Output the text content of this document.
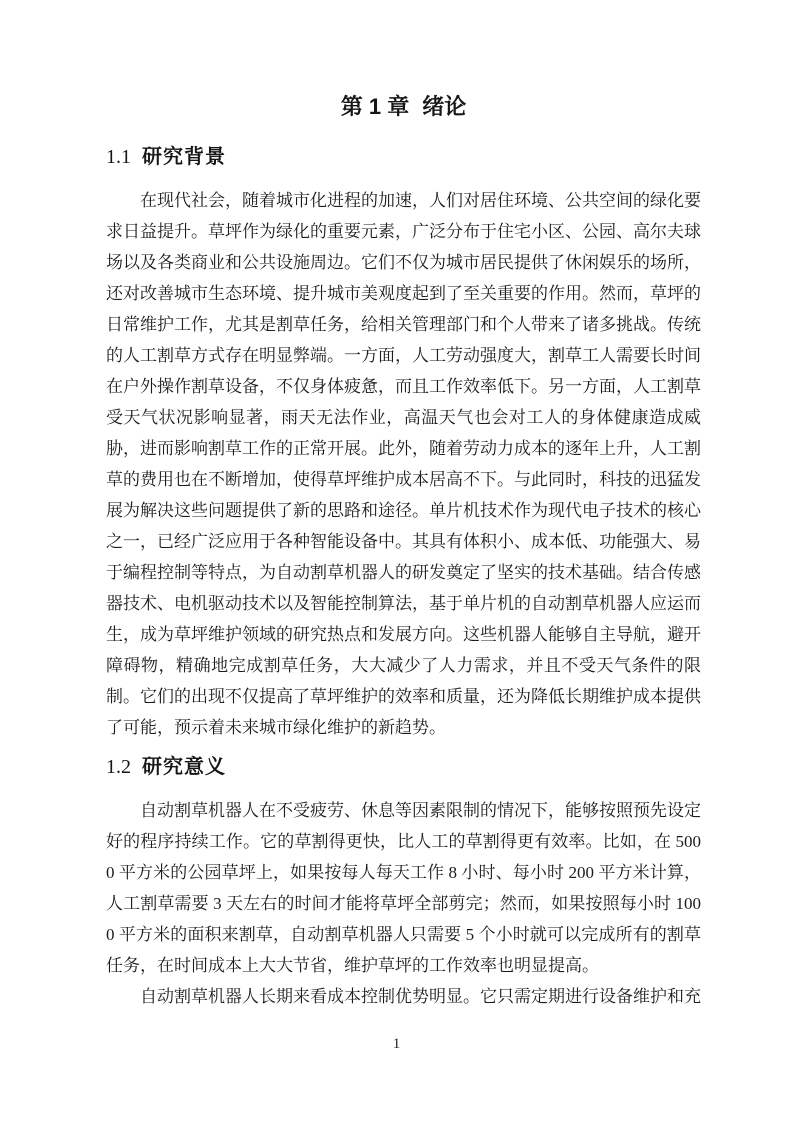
第 1 章 绪论
1.1 研究背景

在现代社会，随着城市化进程的加速，人们对居住环境、公共空间的绿化要求日益提升。草坪作为绿化的重要元素，广泛分布于住宅小区、公园、高尔夫球场以及各类商业和公共设施周边。它们不仅为城市居民提供了休闲娱乐的场所，还对改善城市生态环境、提升城市美观度起到了至关重要的作用。然而，草坪的日常维护工作，尤其是割草任务，给相关管理部门和个人带来了诸多挑战。传统的人工割草方式存在明显弊端。一方面，人工劳动强度大，割草工人需要长时间在户外操作割草设备，不仅身体疲惫，而且工作效率低下。另一方面，人工割草受天气状况影响显著，雨天无法作业，高温天气也会对工人的身体健康造成威胁，进而影响割草工作的正常开展。此外，随着劳动力成本的逐年上升，人工割草的费用也在不断增加，使得草坪维护成本居高不下。与此同时，科技的迅猛发展为解决这些问题提供了新的思路和途径。单片机技术作为现代电子技术的核心之一，已经广泛应用于各种智能设备中。其具有体积小、成本低、功能强大、易于编程控制等特点，为自动割草机器人的研发奠定了坚实的技术基础。结合传感器技术、电机驱动技术以及智能控制算法，基于单片机的自动割草机器人应运而生，成为草坪维护领域的研究热点和发展方向。这些机器人能够自主导航，避开障碍物，精确地完成割草任务，大大减少了人力需求，并且不受天气条件的限制。它们的出现不仅提高了草坪维护的效率和质量，还为降低长期维护成本提供了可能，预示着未来城市绿化维护的新趋势。

1.2 研究意义

自动割草机器人在不受疲劳、休息等因素限制的情况下，能够按照预先设定好的程序持续工作。它的草割得更快，比人工的草割得更有效率。比如，在 5000 平方米的公园草坪上，如果按每人每天工作 8 小时、每小时 200 平方米计算，人工割草需要 3 天左右的时间才能将草坪全部剪完；然而，如果按照每小时 1000 平方米的面积来割草，自动割草机器人只需要 5 个小时就可以完成所有的割草任务，在时间成本上大大节省，维护草坪的工作效率也明显提高。

自动割草机器人长期来看成本控制优势明显。它只需定期进行设备维护和充

1
